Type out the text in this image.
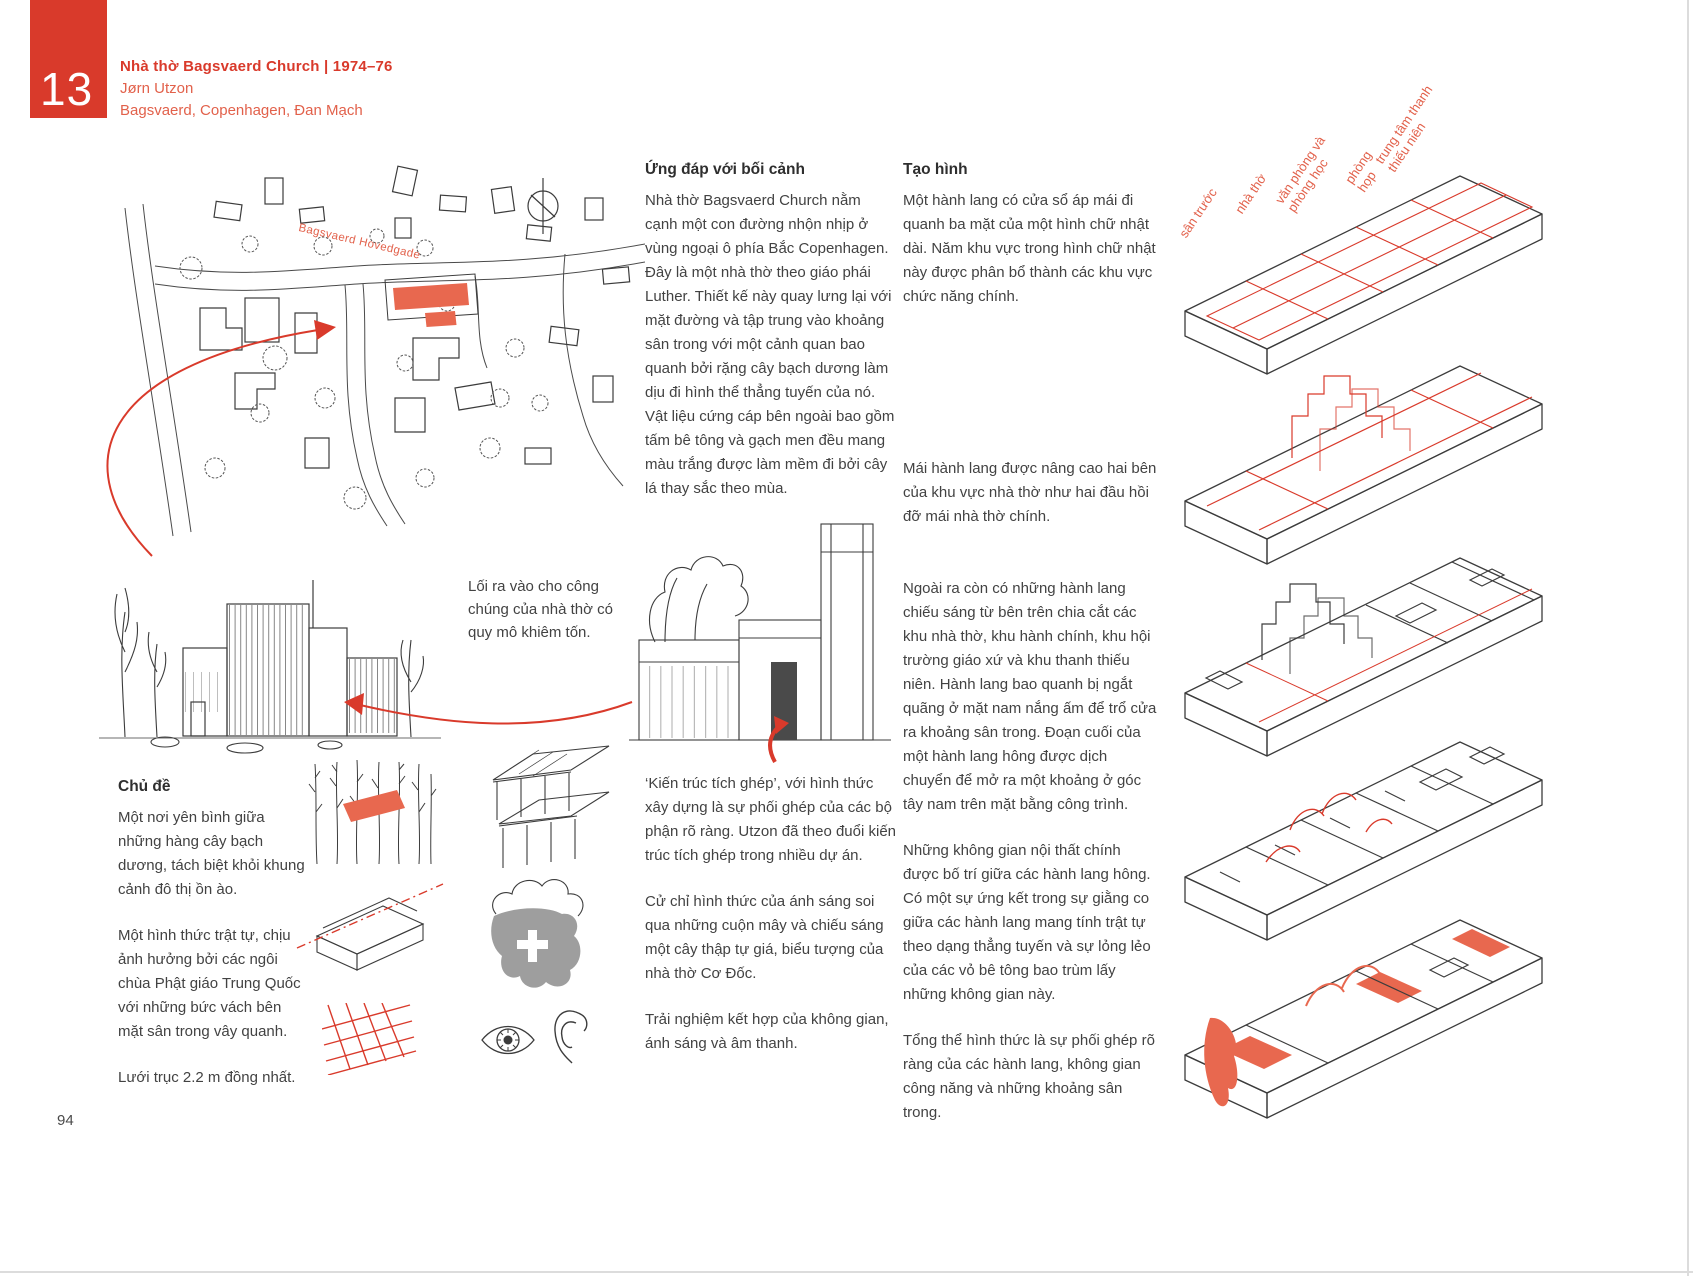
13 Nhà thờ Bagsvaerd Church | 1974–76
Jørn Utzon
Bagsvaerd, Copenhagen, Đan Mạch
Bagsvaerd Hovedgade
Ứng đáp với bối cảnh

Nhà thờ Bagsvaerd Church nằm cạnh một con đường nhộn nhịp ở vùng ngoại ô phía Bắc Copenhagen. Đây là một nhà thờ theo giáo phái Luther. Thiết kế này quay lưng lại với mặt đường và tập trung vào khoảng sân trong với một cảnh quan bao quanh bởi rặng cây bạch dương làm dịu đi hình thể thẳng tuyến của nó. Vật liệu cứng cáp bên ngoài bao gồm tấm bê tông và gạch men đều mang màu trắng được làm mềm đi bởi cây lá thay sắc theo mùa.

Tạo hình

Một hành lang có cửa sổ áp mái đi quanh ba mặt của một hình chữ nhật dài. Năm khu vực trong hình chữ nhật này được phân bổ thành các khu vực chức năng chính.

Mái hành lang được nâng cao hai bên của khu vực nhà thờ như hai đầu hồi đỡ mái nhà thờ chính.

Ngoài ra còn có những hành lang chiếu sáng từ bên trên chia cắt các khu nhà thờ, khu hành chính, khu hội trường giáo xứ và khu thanh thiếu niên. Hành lang bao quanh bị ngắt quãng ở mặt nam nắng ấm để trổ cửa ra khoảng sân trong. Đoạn cuối của một hành lang hông được dịch chuyển để mở ra một khoảng ở góc tây nam trên mặt bằng công trình.

Những không gian nội thất chính được bố trí giữa các hành lang hông. Có một sự ứng kết trong sự giằng co giữa các hành lang mang tính trật tự theo dạng thẳng tuyến và sự lỏng lẻo của các vỏ bê tông bao trùm lấy những không gian này.

Tổng thể hình thức là sự phối ghép rõ ràng của các hành lang, không gian công năng và những khoảng sân trong.

sân trước nhà thờ văn phòng và phòng học phòng họp
trung tâm thanh thiếu niên
Lối ra vào cho công chúng của nhà thờ có quy mô khiêm tốn.
Chủ đề

Một nơi yên bình giữa những hàng cây bạch dương, tách biệt khỏi khung cảnh đô thị ồn ào.

Một hình thức trật tự, chịu ảnh hưởng bởi các ngôi chùa Phật giáo Trung Quốc với những bức vách bên mặt sân trong vây quanh.

Lưới trục 2.2 m đồng nhất.

‘Kiến trúc tích ghép’, với hình thức xây dựng là sự phối ghép của các bộ phận rõ ràng. Utzon đã theo đuổi kiến trúc tích ghép trong nhiều dự án.

Cử chỉ hình thức của ánh sáng soi qua những cuộn mây và chiếu sáng một cây thập tự giá, biểu tượng của nhà thờ Cơ Đốc.

Trải nghiệm kết hợp của không gian, ánh sáng và âm thanh.

94
